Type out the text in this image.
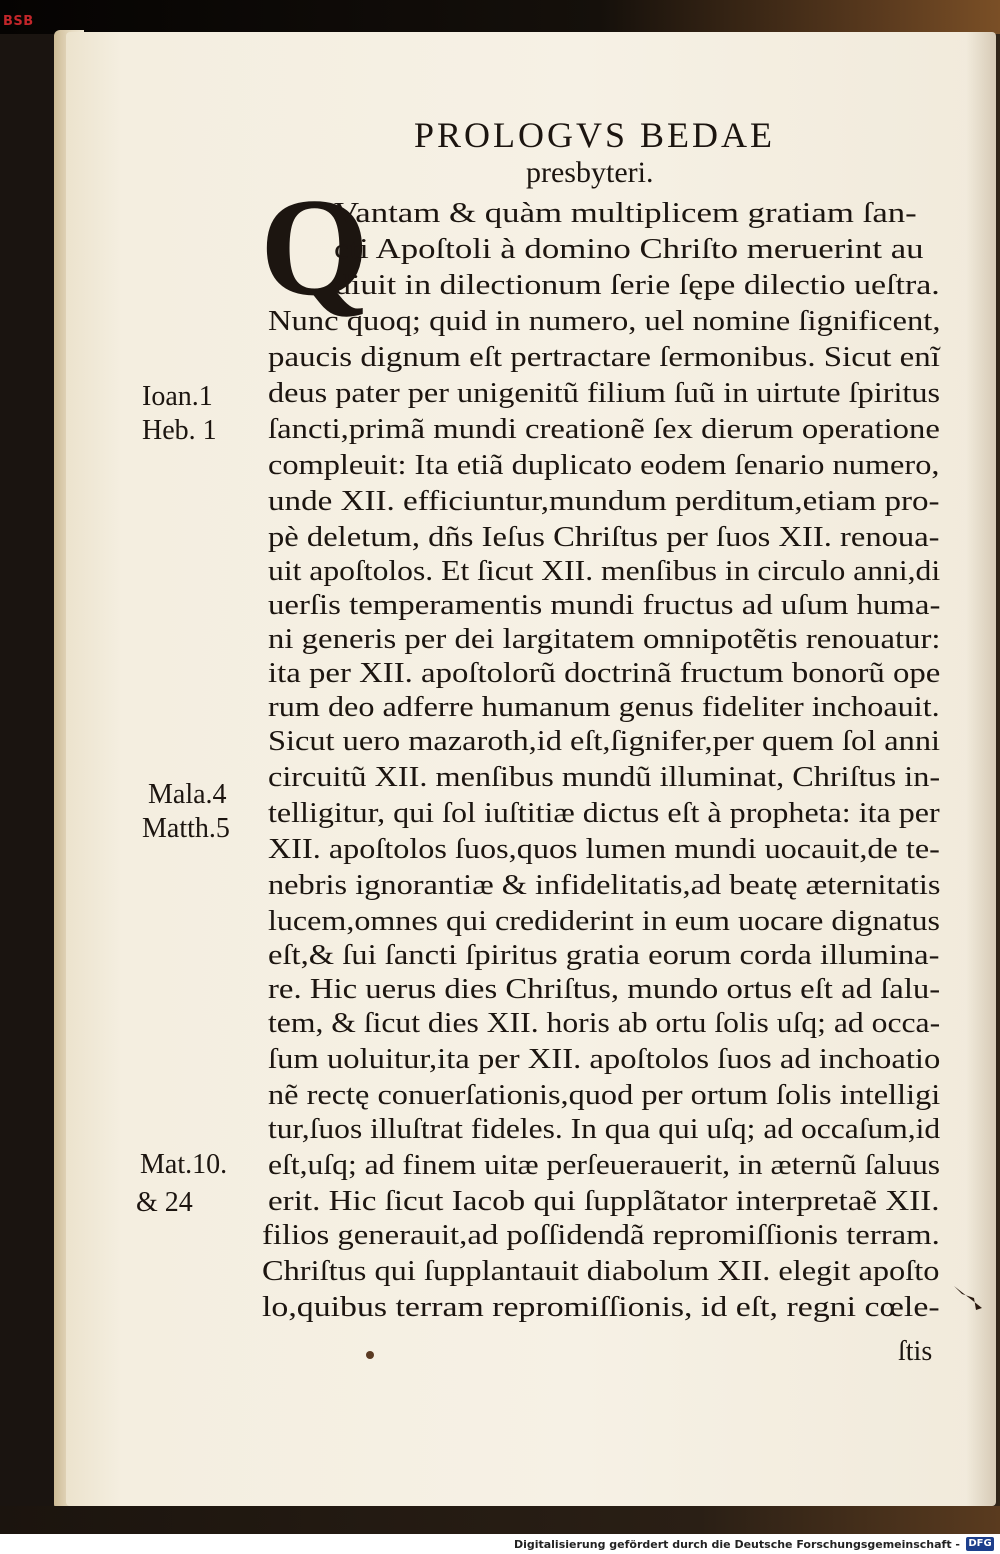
BSB
PROLOGVS BEDAE
presbyteri.
Q
Vantam & quàm multiplicem gratiam ſan-
cti Apoſtoli à domino Chriſto meruerint au
diuit in dilectionum ſerie ſępe dilectio ueſtra.
Nunc quoq; quid in numero, uel nomine ſignificent,
paucis dignum eſt pertractare ſermonibus. Sicut enĩ
deus pater per unigenitũ filium ſuũ in uirtute ſpiritus
ſancti,primã mundi creationẽ ſex dierum operatione
compleuit: Ita etiã duplicato eodem ſenario numero,
unde XII. efficiuntur,mundum perditum,etiam pro-
pè deletum, dñs Ieſus Chriſtus per ſuos XII. renoua-
uit apoſtolos. Et ſicut XII. menſibus in circulo anni,di
uerſis temperamentis mundi fructus ad uſum huma-
ni generis per dei largitatem omnipotẽtis renouatur:
ita per XII. apoſtolorũ doctrinã fructum bonorũ ope
rum deo adferre humanum genus fideliter inchoauit.
Sicut uero mazaroth,id eſt,ſignifer,per quem ſol anni
circuitũ XII. menſibus mundũ illuminat, Chriſtus in-
telligitur, qui ſol iuſtitiæ dictus eſt à propheta: ita per
XII. apoſtolos ſuos,quos lumen mundi uocauit,de te-
nebris ignorantiæ & infidelitatis,ad beatę æternitatis
lucem,omnes qui crediderint in eum uocare dignatus
eſt,& ſui ſancti ſpiritus gratia eorum corda illumina-
re. Hic uerus dies Chriſtus, mundo ortus eſt ad ſalu-
tem, & ſicut dies XII. horis ab ortu ſolis uſq; ad occa-
ſum uoluitur,ita per XII. apoſtolos ſuos ad inchoatio
nẽ rectę conuerſationis,quod per ortum ſolis intelligi
tur,ſuos illuſtrat fideles. In qua qui uſq; ad occaſum,id
eſt,uſq; ad finem uitæ perſeuerauerit, in æternũ ſaluus
erit. Hic ſicut Iacob qui ſupplãtator interpretaẽ XII.
filios generauit,ad poſſidendã repromiſſionis terram.
Chriſtus qui ſupplantauit diabolum XII. elegit apoſto
lo,quibus terram repromiſſionis, id eſt, regni cœle-
Ioan.1
Heb. 1
Mala.4
Matth.5
Mat.10.
& 24
ſtis
Digitalisierung gefördert durch die Deutsche Forschungsgemeinschaft - DFG
